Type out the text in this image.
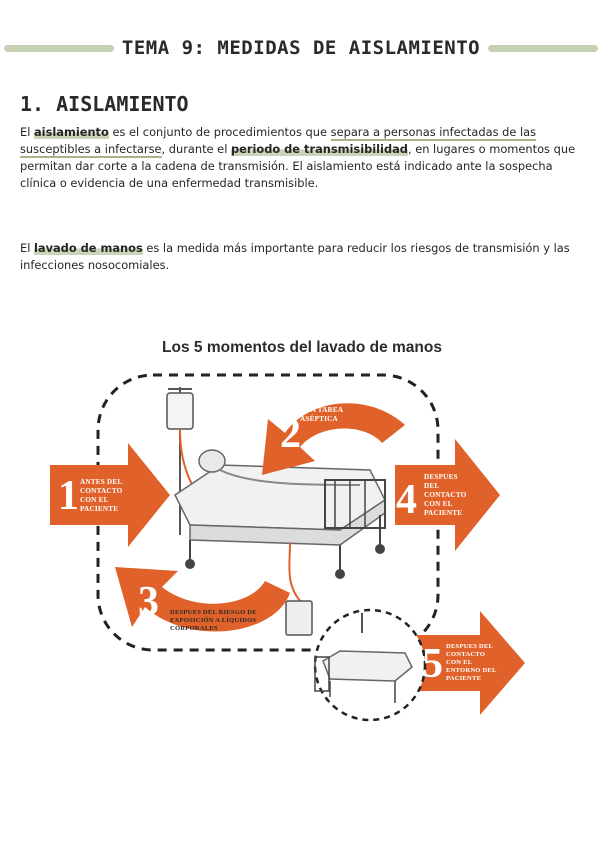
TEMA 9: MEDIDAS DE AISLAMIENTO
1. AISLAMIENTO
El aislamiento es el conjunto de procedimientos que separa a personas infectadas de las susceptibles a infectarse, durante el periodo de transmisibilidad, en lugares o momentos que permitan dar corte a la cadena de transmisión. El aislamiento está indicado ante la sospecha clínica o evidencia de una enfermedad transmisible.
El lavado de manos es la medida más importante para reducir los riesgos de transmisión y las infecciones nosocomiales.
Los 5 momentos del lavado de manos
1 ANTES DEL CONTACTO CON EL PACIENTE
2
ANTES DE REALIZAR UNA TAREA ASÉPTICA
3 DESPUES DEL RIESGO DE EXPOSICIÓN A LÍQUIDOS CORPORALES
4 DESPUES DEL CONTACTO CON EL PACIENTE
5 DESPUES DEL CONTACTO CON EL ENTORNO DEL PACIENTE
